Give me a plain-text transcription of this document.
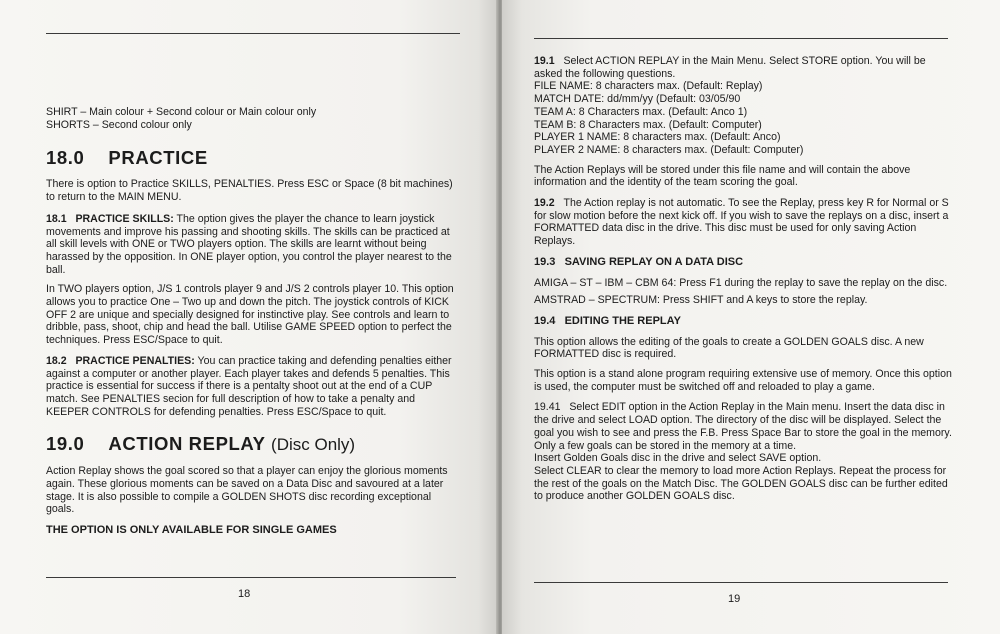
SHIRT – Main colour + Second colour or Main colour only

SHORTS – Second colour only

18.0 PRACTICE

There is option to Practice SKILLS, PENALTIES. Press ESC or Space (8 bit machines) to return to the MAIN MENU.

18.1 PRACTICE SKILLS: The option gives the player the chance to learn joystick movements and improve his passing and shooting skills. The skills can be practiced at all skill levels with ONE or TWO players option. The skills are learnt without being harassed by the opposition. In ONE player option, you control the player nearest to the ball.

In TWO players option, J/S 1 controls player 9 and J/S 2 controls player 10. This option allows you to practice One – Two up and down the pitch. The joystick controls of KICK OFF 2 are unique and specially designed for instinctive play. See controls and learn to dribble, pass, shoot, chip and head the ball. Utilise GAME SPEED option to perfect the techniques. Press ESC/Space to quit.

18.2 PRACTICE PENALTIES: You can practice taking and defending penalties either against a computer or another player. Each player takes and defends 5 penalties. This practice is essential for success if there is a pentalty shoot out at the end of a CUP match. See PENALTIES secion for full description of how to take a penalty and KEEPER CONTROLS for defending penalties. Press ESC/Space to quit.

19.0 ACTION REPLAY (Disc Only)

Action Replay shows the goal scored so that a player can enjoy the glorious moments again. These glorious moments can be saved on a Data Disc and savoured at a later stage. It is also possible to compile a GOLDEN SHOTS disc recording exceptional goals.

THE OPTION IS ONLY AVAILABLE FOR SINGLE GAMES

18

19.1 Select ACTION REPLAY in the Main Menu. Select STORE option. You will be asked the following questions.

FILE NAME: 8 characters max. (Default: Replay)

MATCH DATE: dd/mm/yy (Default: 03/05/90

TEAM A: 8 Characters max. (Default: Anco 1)

TEAM B: 8 Characters max. (Default: Computer)

PLAYER 1 NAME: 8 characters max. (Default: Anco)

PLAYER 2 NAME: 8 characters max. (Default: Computer)

The Action Replays will be stored under this file name and will contain the above information and the identity of the team scoring the goal.

19.2 The Action replay is not automatic. To see the Replay, press key R for Normal or S for slow motion before the next kick off. If you wish to save the replays on a disc, insert a FORMATTED data disc in the drive. This disc must be used for only saving Action Replays.

19.3   SAVING REPLAY ON A DATA DISC

AMIGA – ST – IBM – CBM 64: Press F1 during the replay to save the replay on the disc.

AMSTRAD – SPECTRUM: Press SHIFT and A keys to store the replay.

19.4   EDITING THE REPLAY

This option allows the editing of the goals to create a GOLDEN GOALS disc. A new FORMATTED disc is required.

This option is a stand alone program requiring extensive use of memory. Once this option is used, the computer must be switched off and reloaded to play a game.

19.41 Select EDIT option in the Action Replay in the Main menu. Insert the data disc in the drive and select LOAD option. The directory of the disc will be displayed. Select the goal you wish to see and press the F.B. Press Space Bar to store the goal in the memory. Only a few goals can be stored in the memory at a time.

Insert Golden Goals disc in the drive and select SAVE option.

Select CLEAR to clear the memory to load more Action Replays. Repeat the process for the rest of the goals on the Match Disc. The GOLDEN GOALS disc can be further edited to produce another GOLDEN GOALS disc.

19
